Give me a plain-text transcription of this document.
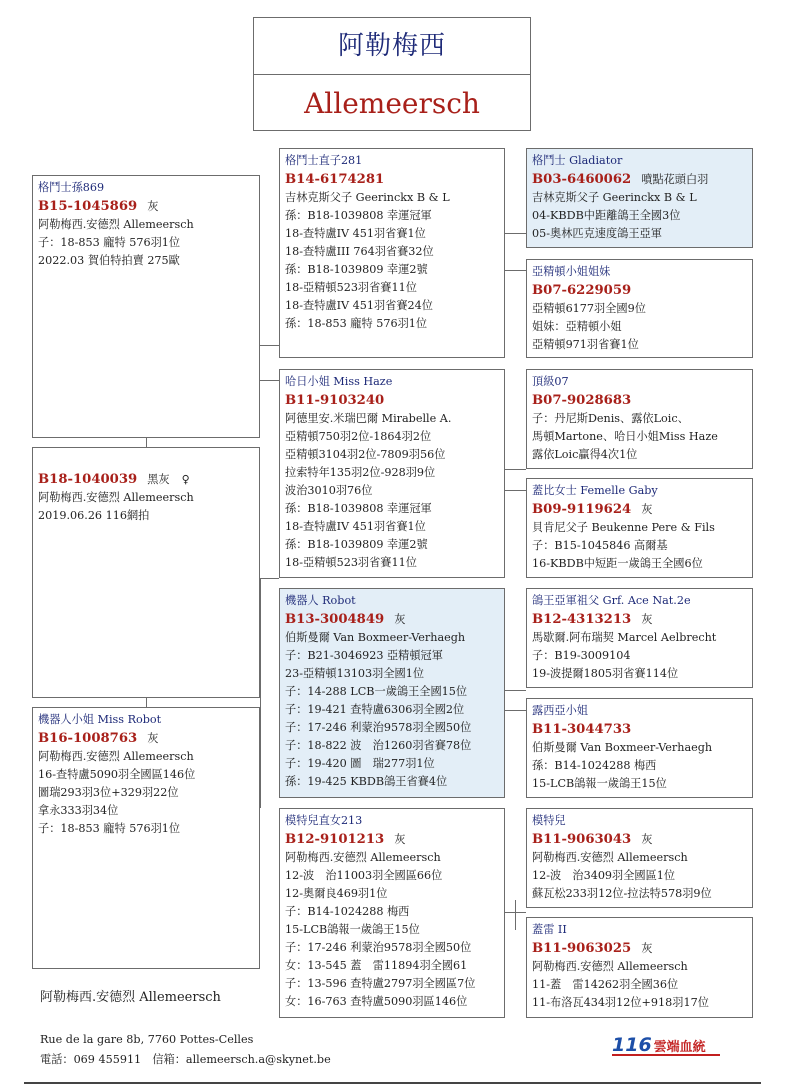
阿勒梅西
Allemeersch
B18-1040039 黑灰 ♀
阿勒梅西.安德烈 Allemeersch
2019.06.26 116網拍
格鬥士孫869
B15-1045869 灰
阿勒梅西.安德烈 Allemeersch
子：18-853 龐特 576羽1位
2022.03 賀伯特拍賣 275歐
機器人小姐 Miss Robot
B16-1008763 灰
阿勒梅西.安德烈 Allemeersch
16-查特盧5090羽全國區146位
圖瑞293羽3位+329羽22位
拿永333羽34位
子：18-853 龐特 576羽1位
格鬥士直子281
B14-6174281
吉林克斯父子 Geerinckx B & L
孫：B18-1039808 幸運冠軍
18-查特盧IV 451羽省賽1位
18-查特盧III 764羽省賽32位
孫：B18-1039809 幸運2號
18-亞精頓523羽省賽11位
18-查特盧IV 451羽省賽24位
孫：18-853 龐特 576羽1位
哈日小姐 Miss Haze
B11-9103240
阿德里安.米瑞巴爾 Mirabelle A.
亞精頓750羽2位-1864羽2位
亞精頓3104羽2位-7809羽56位
拉索特年135羽2位-928羽9位
波治3010羽76位
孫：B18-1039808 幸運冠軍
18-查特盧IV 451羽省賽1位
孫：B18-1039809 幸運2號
18-亞精頓523羽省賽11位
機器人 Robot
B13-3004849 灰
伯斯曼爾 Van Boxmeer-Verhaegh
子：B21-3046923 亞精頓冠軍
23-亞精頓13103羽全國1位
子：14-288 LCB一歲鴿王全國15位
子：19-421 查特盧6306羽全國2位
子：17-246 利蒙治9578羽全國50位
子：18-822 波　治1260羽省賽78位
子：19-420 圖　瑞277羽1位
孫：19-425 KBDB鴿王省賽4位
模特兒直女213
B12-9101213 灰
阿勒梅西.安德烈 Allemeersch
12-波　治11003羽全國區66位
12-奧爾良469羽1位
子：B14-1024288 梅西
15-LCB鴿報一歲鴿王15位
子：17-246 利蒙治9578羽全國50位
女：13-545 蓋　雷11894羽全國61
子：13-596 查特盧2797羽全國區7位
女：16-763 查特盧5090羽區146位
格鬥士 Gladiator
B03-6460062 噴點花頭白羽
吉林克斯父子 Geerinckx B & L
04-KBDB中距離鴿王全國3位
05-奧林匹克速度鴿王亞軍
亞精頓小姐姐妹
B07-6229059
亞精頓6177羽全國9位
姐妹：亞精頓小姐
亞精頓971羽省賽1位
頂級07
B07-9028683
子：丹尼斯Denis、露依Loic、
馬頓Martone、哈日小姐Miss Haze
露依Loic贏得4次1位
蓋比女士 Femelle Gaby
B09-9119624 灰
貝肯尼父子 Beukenne Pere & Fils
子：B15-1045846 高爾基
16-KBDB中短距一歲鴿王全國6位
鴿王亞軍祖父 Grf. Ace Nat.2e
B12-4313213 灰
馬歇爾.阿布瑞契 Marcel Aelbrecht
子：B19-3009104
19-波提爾1805羽省賽114位
露西亞小姐
B11-3044733
伯斯曼爾 Van Boxmeer-Verhaegh
孫：B14-1024288 梅西
15-LCB鴿報一歲鴿王15位
模特兒
B11-9063043 灰
阿勒梅西.安德烈 Allemeersch
12-波　治3409羽全國區1位
蘇瓦松233羽12位-拉法特578羽9位
蓋雷 II
B11-9063025 灰
阿勒梅西.安德烈 Allemeersch
11-蓋　雷14262羽全國36位
11-布洛瓦434羽12位+918羽17位
阿勒梅西.安德烈 Allemeersch
Rue de la gare 8b, 7760 Pottes-Celles
電話：069 455911　信箱：allemeersch.a@skynet.be
116 雲端血統
